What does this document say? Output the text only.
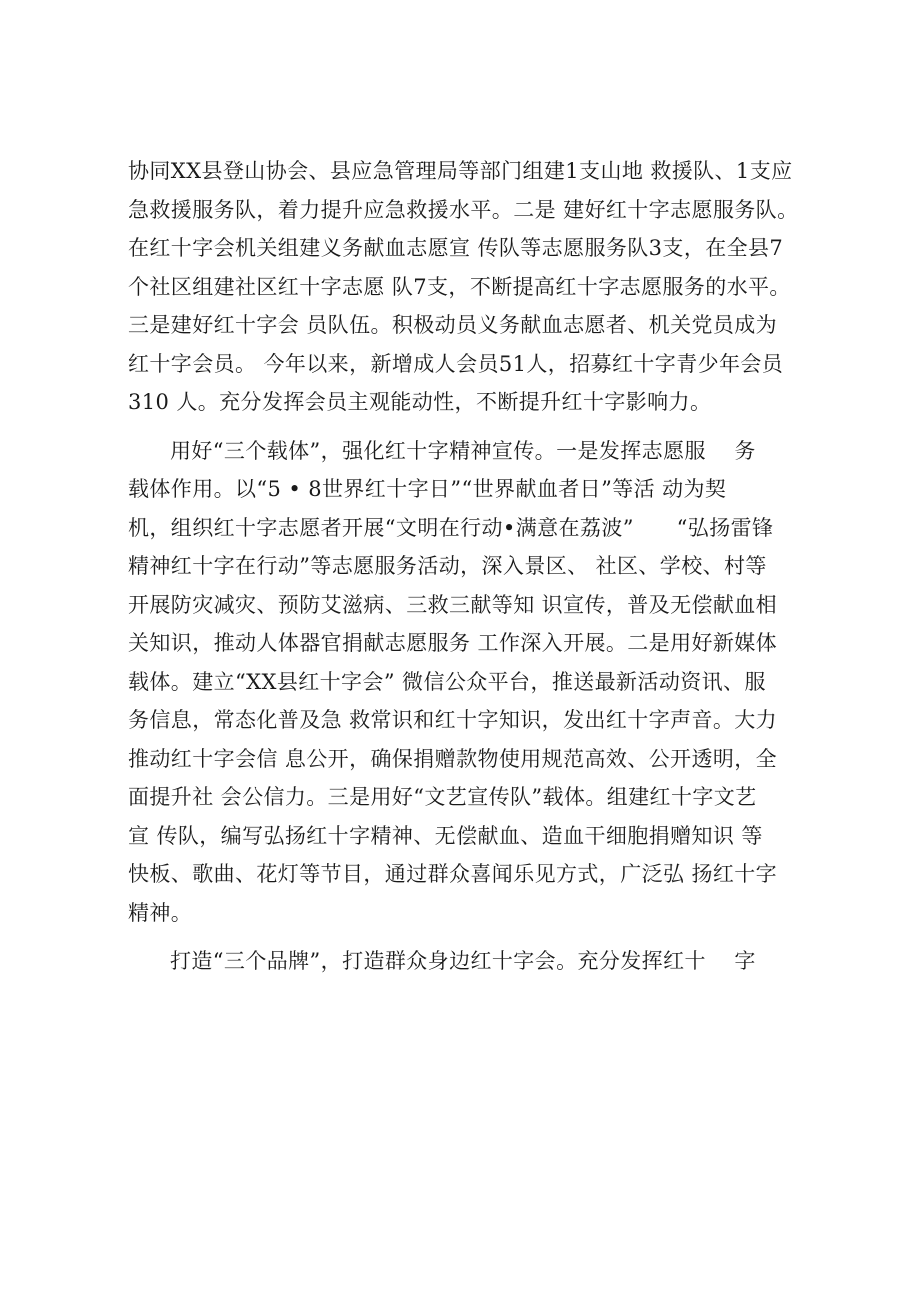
协同XX县登山协会、县应急管理局等部门组建1支山地 救援队、1支应
急救援服务队，着力提升应急救援水平。二是 建好红十字志愿服务队。
在红十字会机关组建义务献血志愿宣 传队等志愿服务队3支，在全县7
个社区组建社区红十字志愿 队7支，不断提高红十字志愿服务的水平。
三是建好红十字会 员队伍。积极动员义务献血志愿者、机关党员成为
红十字会员。 今年以来，新增成人会员51人，招募红十字青少年会员
310 人。充分发挥会员主观能动性，不断提升红十字影响力。
用好“三个载体”，强化红十字精神宣传。一是发挥志愿服　 务
载体作用。以“5 • 8世界红十字日”“世界献血者日”等活 动为契
机，组织红十字志愿者开展“文明在行动•满意在荔波”　　“弘扬雷锋
精神红十字在行动”等志愿服务活动，深入景区、 社区、学校、村等
开展防灾减灾、预防艾滋病、三救三献等知 识宣传，普及无偿献血相
关知识，推动人体器官捐献志愿服务 工作深入开展。二是用好新媒体
载体。建立“XX县红十字会” 微信公众平台，推送最新活动资讯、服
务信息，常态化普及急 救常识和红十字知识，发出红十字声音。大力
推动红十字会信 息公开，确保捐赠款物使用规范高效、公开透明，全
面提升社 会公信力。三是用好“文艺宣传队”载体。组建红十字文艺
宣 传队，编写弘扬红十字精神、无偿献血、造血干细胞捐赠知识 等
快板、歌曲、花灯等节目，通过群众喜闻乐见方式，广泛弘 扬红十字
精神。
打造“三个品牌”，打造群众身边红十字会。充分发挥红十　 字
